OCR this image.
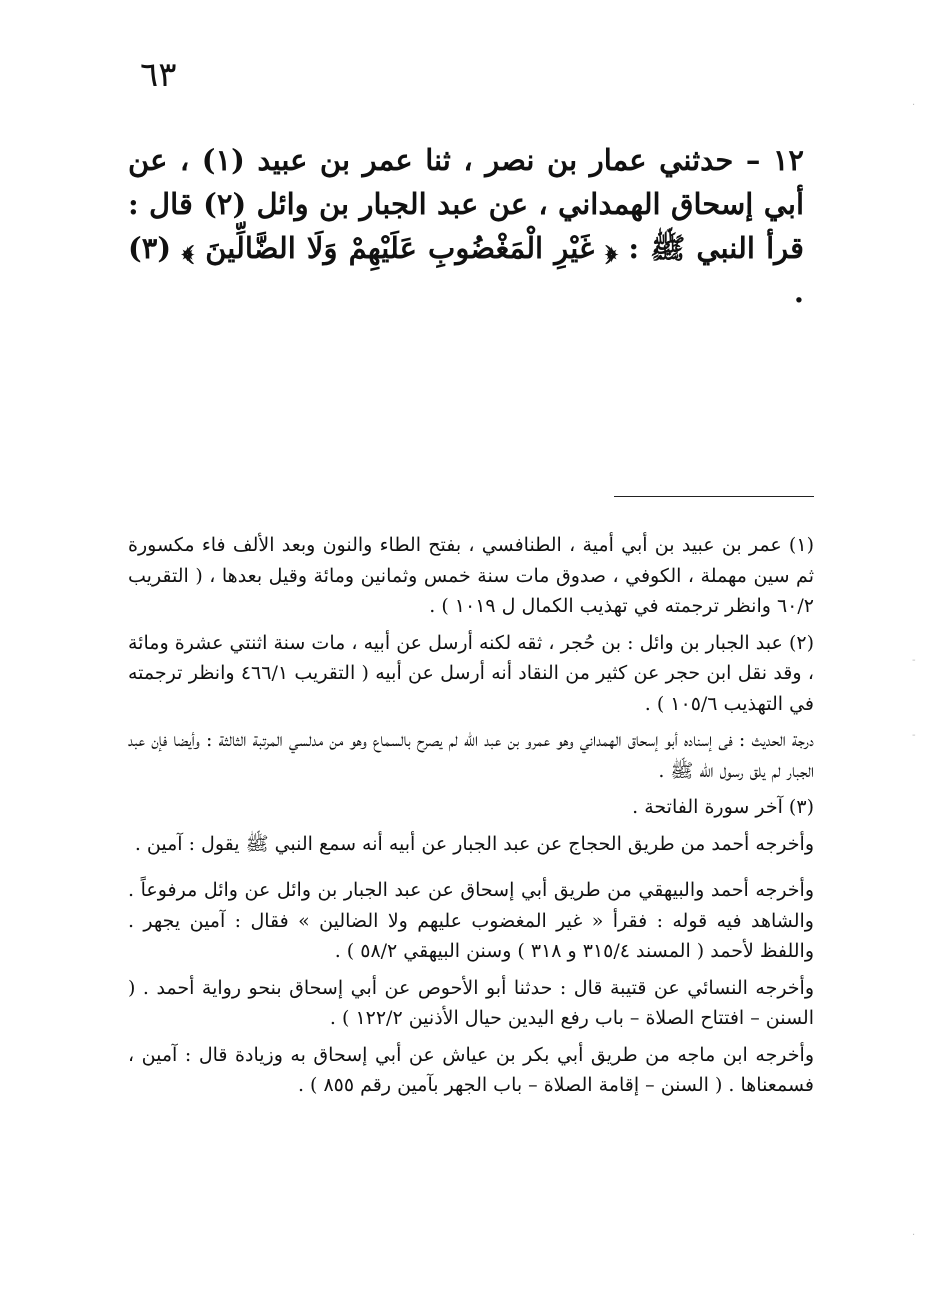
٦٣

١٢ – حدثني عمار بن نصر ، ثنا عمر بن عبيد (١) ، عن أبي إسحاق الهمداني ، عن عبد الجبار بن وائل (٢) قال : قرأ النبي ﷺ : ﴿ غَيْرِ الْمَغْضُوبِ عَلَيْهِمْ وَلَا الضَّالِّينَ ﴾ (٣) .

(١) عمر بن عبيد بن أبي أمية ، الطنافسي ، بفتح الطاء والنون وبعد الألف فاء مكسورة ثم سين مهملة ، الكوفي ، صدوق مات سنة خمس وثمانين ومائة وقيل بعدها ، ( التقريب ٦٠/٢ وانظر ترجمته في تهذيب الكمال ل ١٠١٩ ) .

(٢) عبد الجبار بن وائل : بن حُجر ، ثقه لكنه أرسل عن أبيه ، مات سنة اثنتي عشرة ومائة ، وقد نقل ابن حجر عن كثير من النقاد أنه أرسل عن أبيه ( التقريب ٤٦٦/١ وانظر ترجمته في التهذيب ١٠٥/٦ ) .

درجة الحديث : فى إسناده أبو إسحاق الهمداني وهو عمرو بن عبد الله لم يصرح بالسماع وهو من مدلسي المرتبة الثالثة : وأيضا فإن عبد الجبار لم يلق رسول الله ﷺ .

(٣) آخر سورة الفاتحة .

وأخرجه أحمد من طريق الحجاج عن عبد الجبار عن أبيه أنه سمع النبي ﷺ يقول : آمين .

وأخرجه أحمد والبيهقي من طريق أبي إسحاق عن عبد الجبار بن وائل عن وائل مرفوعاً . والشاهد فيه قوله : فقرأ « غير المغضوب عليهم ولا الضالين » فقال : آمين يجهر . واللفظ لأحمد ( المسند ٣١٥/٤ و ٣١٨ ) وسنن البيهقي ٥٨/٢ ) .

وأخرجه النسائي عن قتيبة قال : حدثنا أبو الأحوص عن أبي إسحاق بنحو رواية أحمد . ( السنن – افتتاح الصلاة – باب رفع اليدين حيال الأذنين ١٢٢/٢ ) .

وأخرجه ابن ماجه من طريق أبي بكر بن عياش عن أبي إسحاق به وزيادة قال : آمين ، فسمعناها . ( السنن – إقامة الصلاة – باب الجهر بآمين رقم ٨٥٥ ) .

·
-
-
·
